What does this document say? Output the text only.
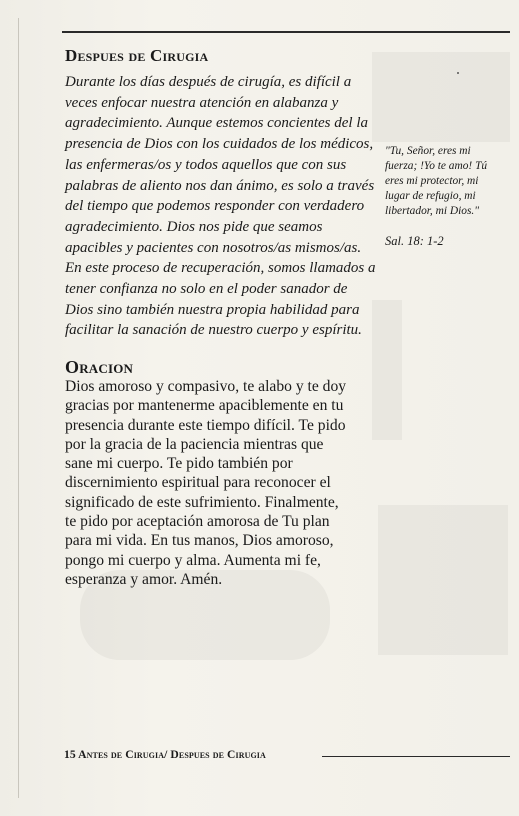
Despues de Cirugia
Durante los días después de cirugía, es difícil a
veces enfocar nuestra atención en alabanza y
agradecimiento. Aunque estemos concientes del la
presencia de Dios con los cuidados de los médicos,
las enfermeras/os y todos aquellos que con sus
palabras de aliento nos dan ánimo, es solo a través
del tiempo que podemos responder con verdadero
agradecimiento. Dios nos pide que seamos
apacibles y pacientes con nosotros/as mismos/as.
En este proceso de recuperación, somos llamados a
tener confianza no solo en el poder sanador de
Dios sino también nuestra propia habilidad para
facilitar la sanación de nuestro cuerpo y espíritu.
"Tu, Señor, eres mi
fuerza; !Yo te amo! Tú
eres mi protector, mi
lugar de refugio, mi
libertador, mi Dios."
Sal. 18: 1-2
Oracion
Dios amoroso y compasivo, te alabo y te doy
gracias por mantenerme apaciblemente en tu
presencia durante este tiempo difícil. Te pido
por la gracia de la paciencia mientras que
sane mi cuerpo. Te pido también por
discernimiento espiritual para reconocer el
significado de este sufrimiento. Finalmente,
te pido por aceptación amorosa de Tu plan
para mi vida. En tus manos, Dios amoroso,
pongo mi cuerpo y alma. Aumenta mi fe,
esperanza y amor. Amén.
15 Antes de Cirugia/ Despues de Cirugia
